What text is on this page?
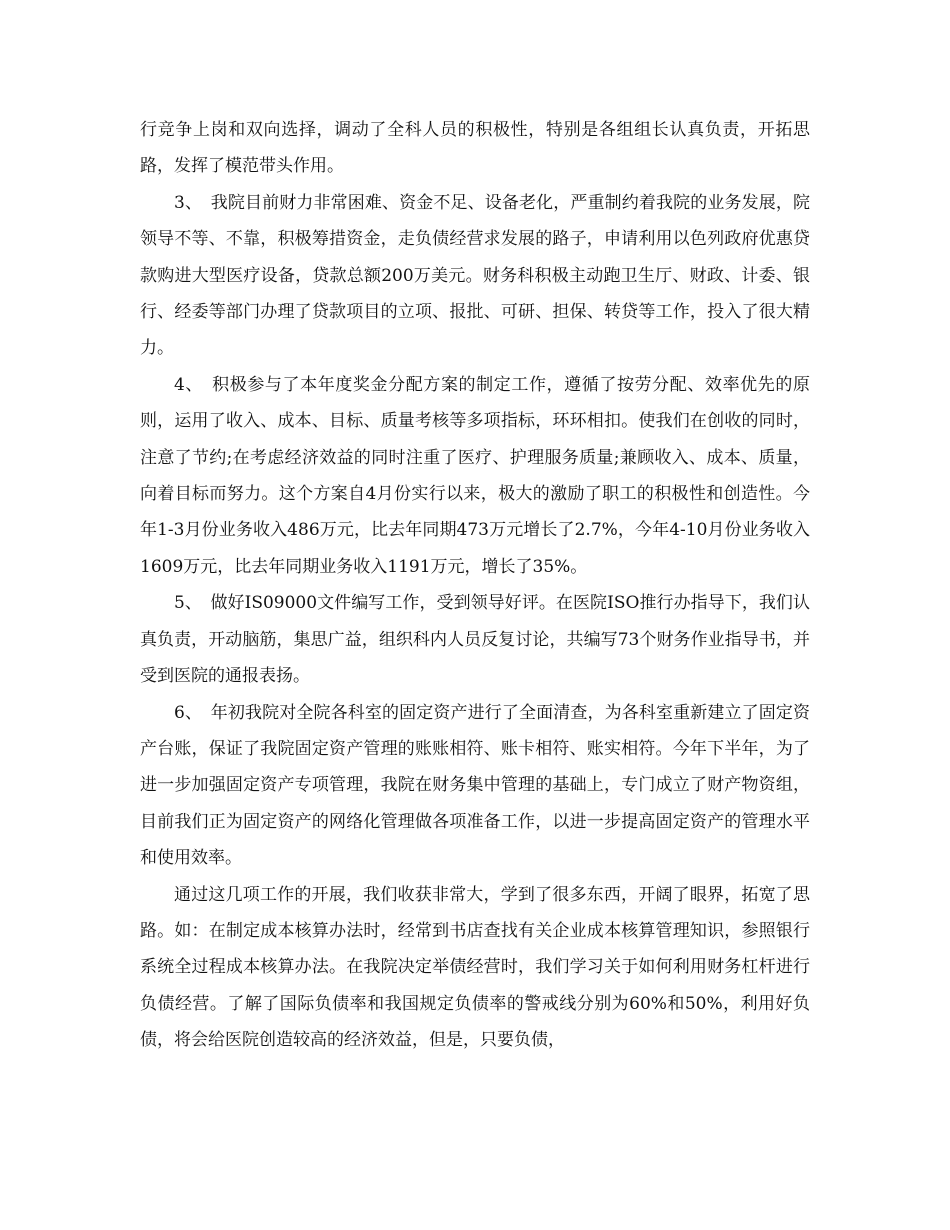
行竞争上岗和双向选择，调动了全科人员的积极性，特别是各组组长认真负责，开拓思路，发挥了模范带头作用。

3、　我院目前财力非常困难、资金不足、设备老化，严重制约着我院的业务发展，院领导不等、不靠，积极筹措资金，走负债经营求发展的路子，申请利用以色列政府优惠贷款购进大型医疗设备，贷款总额200万美元。财务科积极主动跑卫生厅、财政、计委、银行、经委等部门办理了贷款项目的立项、报批、可研、担保、转贷等工作，投入了很大精力。

4、　积极参与了本年度奖金分配方案的制定工作，遵循了按劳分配、效率优先的原则，运用了收入、成本、目标、质量考核等多项指标，环环相扣。使我们在创收的同时，注意了节约;在考虑经济效益的同时注重了医疗、护理服务质量;兼顾收入、成本、质量，向着目标而努力。这个方案自4月份实行以来，极大的激励了职工的积极性和创造性。今年1-3月份业务收入486万元，比去年同期473万元增长了2.7%，今年4-10月份业务收入1609万元，比去年同期业务收入1191万元，增长了35%。

5、　做好IS09000文件编写工作，受到领导好评。在医院ISO推行办指导下，我们认真负责，开动脑筋，集思广益，组织科内人员反复讨论，共编写73个财务作业指导书，并受到医院的通报表扬。

6、　年初我院对全院各科室的固定资产进行了全面清查，为各科室重新建立了固定资产台账，保证了我院固定资产管理的账账相符、账卡相符、账实相符。今年下半年，为了进一步加强固定资产专项管理，我院在财务集中管理的基础上，专门成立了财产物资组，目前我们正为固定资产的网络化管理做各项准备工作，以进一步提高固定资产的管理水平和使用效率。

通过这几项工作的开展，我们收获非常大，学到了很多东西，开阔了眼界，拓宽了思路。如：在制定成本核算办法时，经常到书店查找有关企业成本核算管理知识，参照银行系统全过程成本核算办法。在我院决定举债经营时，我们学习关于如何利用财务杠杆进行负债经营。了解了国际负债率和我国规定负债率的警戒线分别为60%和50%，利用好负债，将会给医院创造较高的经济效益，但是，只要负债，
